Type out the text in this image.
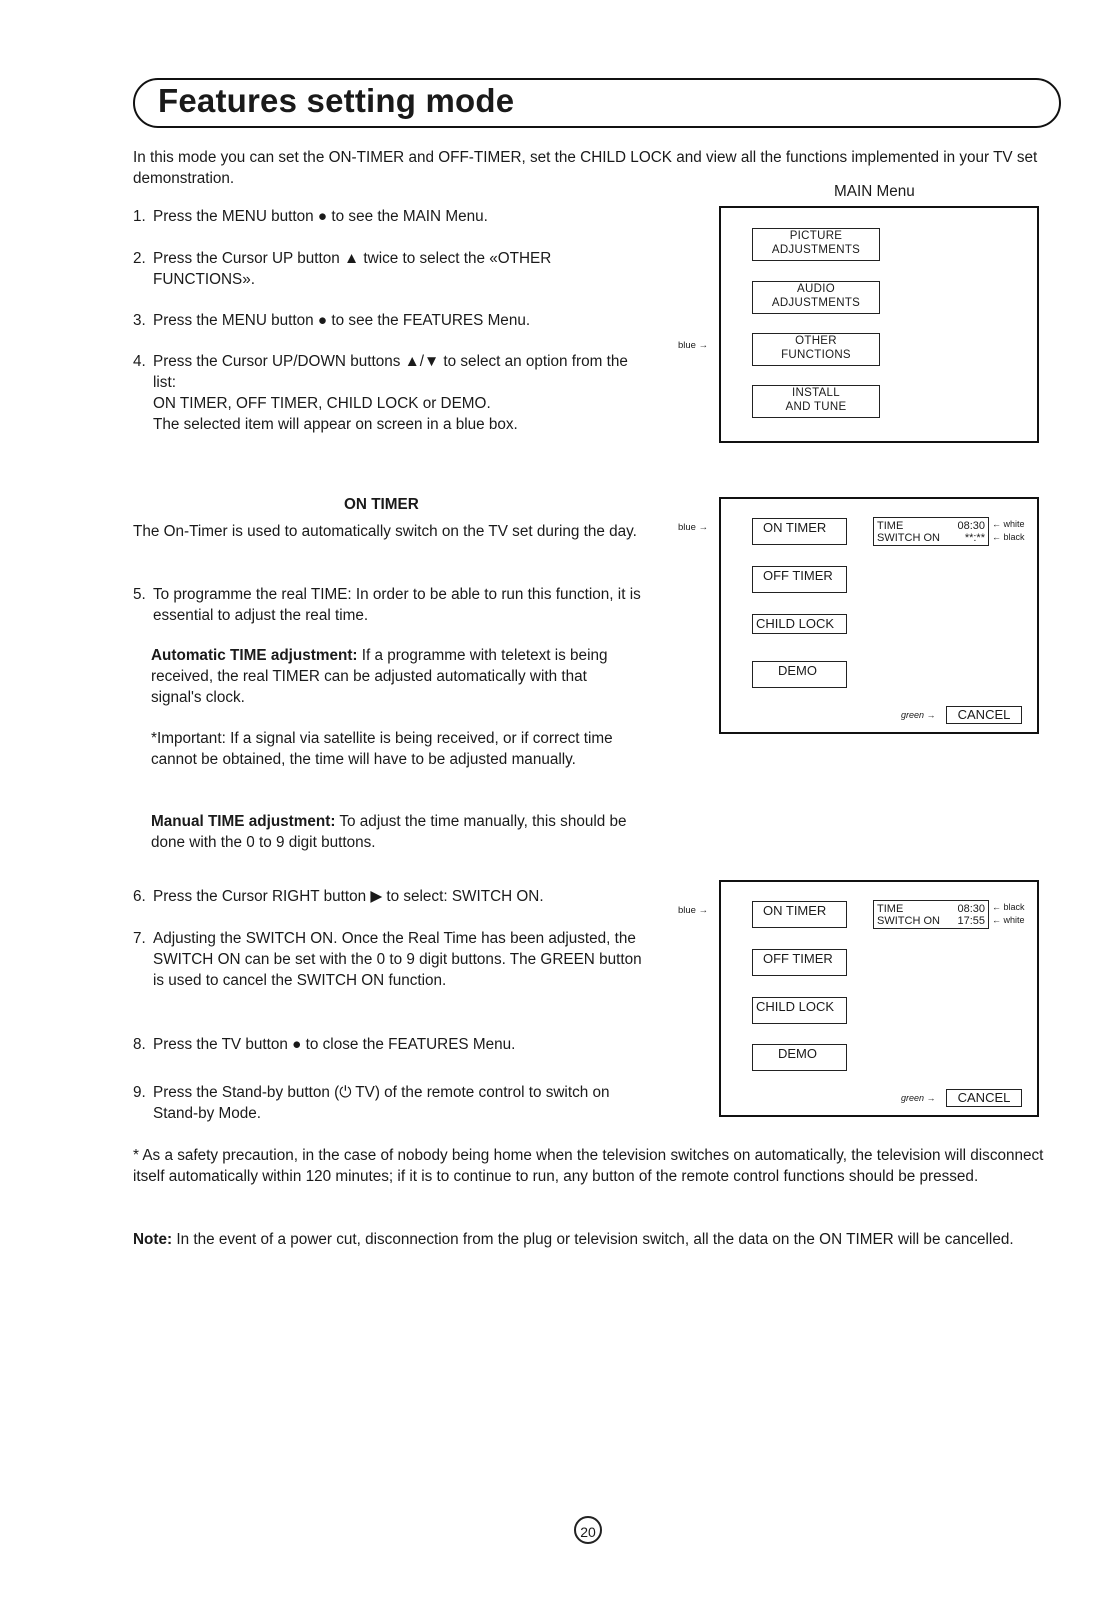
Features setting mode

In this mode you can set the ON-TIMER and OFF-TIMER, set the CHILD LOCK and view all the functions implemented in your TV set demonstration.

1. Press the MENU button ● to see the MAIN Menu.
2. Press the Cursor UP button ▲ twice to select the «OTHER FUNCTIONS».
3. Press the MENU button ● to see the FEATURES Menu.
4. Press the Cursor UP/DOWN buttons ▲/▼ to select an option from the list:
ON TIMER, OFF TIMER, CHILD LOCK or DEMO.
The selected item will appear on screen in a blue box.
MAIN Menu
PICTURE
ADJUSTMENTS
AUDIO
ADJUSTMENTS
OTHER
FUNCTIONS
INSTALL
AND TUNE
blue →
ON TIMER

The On-Timer is used to automatically switch on the TV set during the day.

5. To programme the real TIME: In order to be able to run this function, it is essential to adjust the real time.

Automatic TIME adjustment: If a programme with teletext is being received, the real TIMER can be adjusted automatically with that signal's clock.

*Important: If a signal via satellite is being received, or if correct time cannot be obtained, the time will have to be adjusted manually.

Manual TIME adjustment: To adjust the time manually, this should be done with the 0 to 9 digit buttons.

blue →	ON TIMER
OFF TIMER
CHILD LOCK
DEMO
TIME	08:30
SWITCH ON **:**
← white
← black
green →	CANCEL
6. Press the Cursor RIGHT button ▶ to select: SWITCH ON.
7. Adjusting the SWITCH ON. Once the Real Time has been adjusted, the SWITCH ON can be set with the 0 to 9 digit buttons. The GREEN button is used to cancel the SWITCH ON function.
8. Press the TV button ● to close the FEATURES Menu.
9. Press the Stand-by button (⏻ TV) of the remote control to switch on Stand-by Mode.
blue →	ON TIMER
OFF TIMER
CHILD LOCK
DEMO
TIME	08:30
SWITCH ON 17:55
← black
← white
green →	CANCEL

* As a safety precaution, in the case of nobody being home when the television switches on automatically, the television will disconnect itself automatically within 120 minutes; if it is to continue to run, any button of the remote control functions should be pressed.

Note: In the event of a power cut, disconnection from the plug or television switch, all the data on the ON TIMER will be cancelled.

20
